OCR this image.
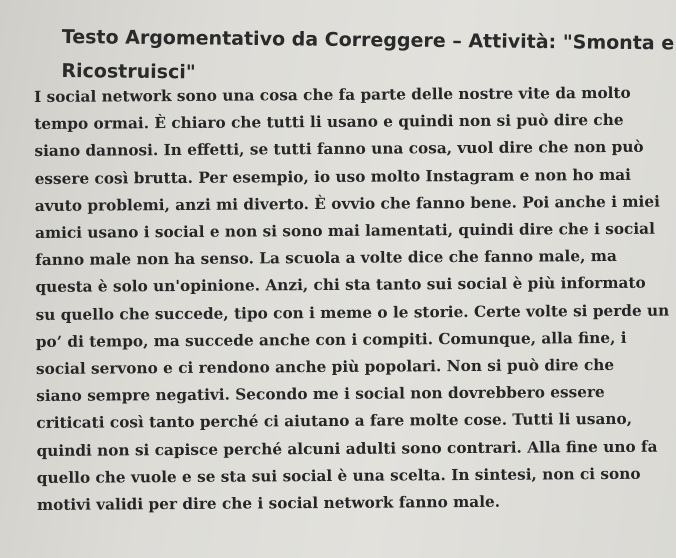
Testo Argomentativo da Correggere – Attività: "Smonta e
Ricostruisci"

I social network sono una cosa che fa parte delle nostre vite da molto
tempo ormai. È chiaro che tutti li usano e quindi non si può dire che
siano dannosi. In effetti, se tutti fanno una cosa, vuol dire che non può
essere così brutta. Per esempio, io uso molto Instagram e non ho mai
avuto problemi, anzi mi diverto. È ovvio che fanno bene. Poi anche i miei
amici usano i social e non si sono mai lamentati, quindi dire che i social
fanno male non ha senso. La scuola a volte dice che fanno male, ma
questa è solo un'opinione. Anzi, chi sta tanto sui social è più informato
su quello che succede, tipo con i meme o le storie. Certe volte si perde un
po’ di tempo, ma succede anche con i compiti. Comunque, alla fine, i
social servono e ci rendono anche più popolari. Non si può dire che
siano sempre negativi. Secondo me i social non dovrebbero essere
criticati così tanto perché ci aiutano a fare molte cose. Tutti li usano,
quindi non si capisce perché alcuni adulti sono contrari. Alla fine uno fa
quello che vuole e se sta sui social è una scelta. In sintesi, non ci sono
motivi validi per dire che i social network fanno male.
